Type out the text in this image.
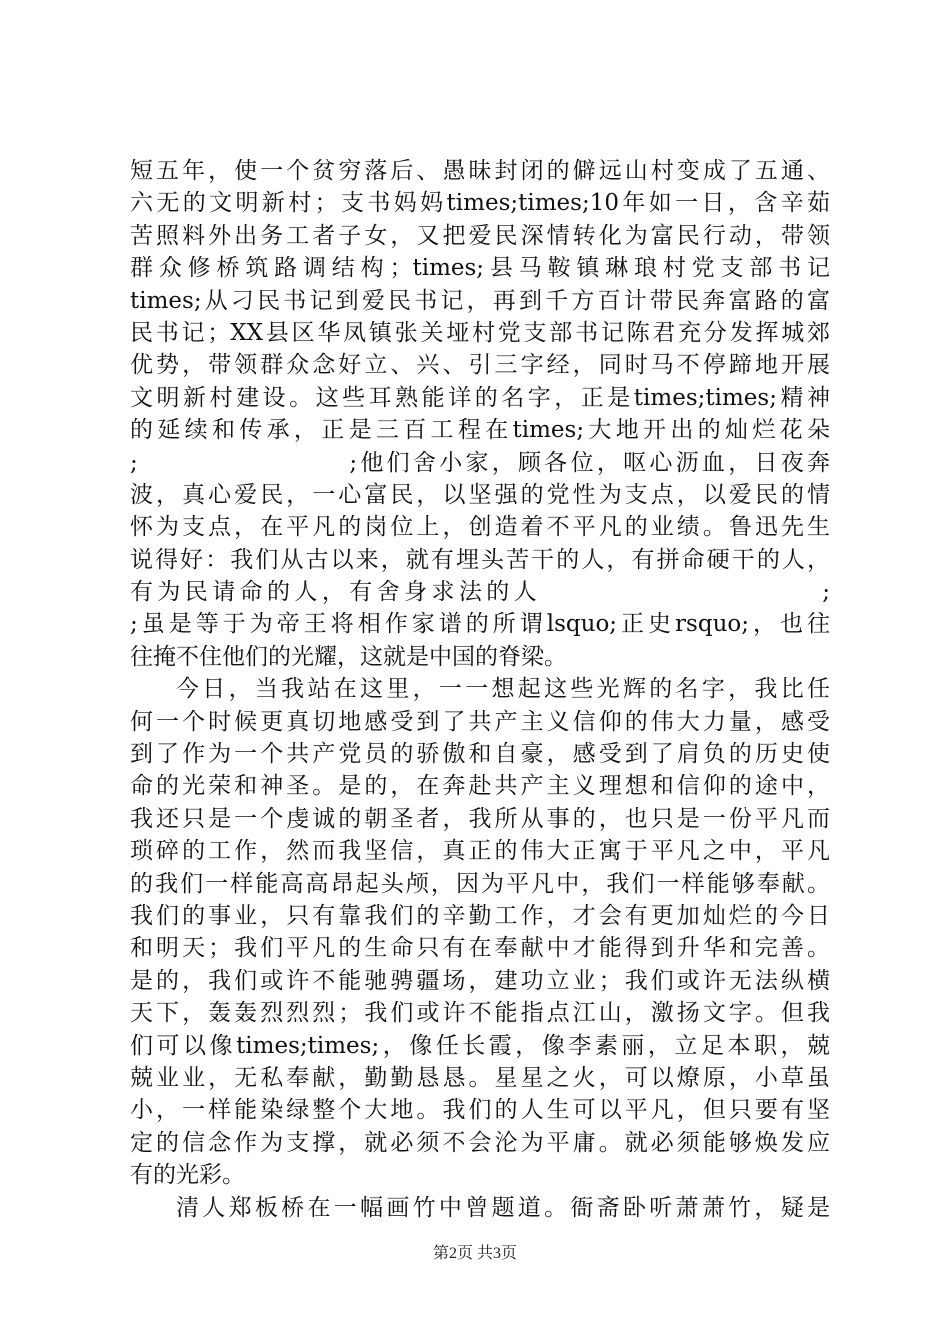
短五年，使一个贫穷落后、愚昧封闭的僻远山村变成了五通、
六无的文明新村；支书妈妈times;times;10年如一日，含辛茹
苦照料外出务工者子女，又把爱民深情转化为富民行动，带领
群众修桥筑路调结构；times;县马鞍镇琳琅村党支部书记
times;从刁民书记到爱民书记，再到千方百计带民奔富路的富
民书记；XX县区华凤镇张关垭村党支部书记陈君充分发挥城郊
优势，带领群众念好立、兴、引三字经，同时马不停蹄地开展
文明新村建设。这些耳熟能详的名字，正是times;times;精神
的延续和传承，正是三百工程在times;大地开出的灿烂花朵
;                    ;他们舍小家，顾各位，呕心沥血，日夜奔
波，真心爱民，一心富民，以坚强的党性为支点，以爱民的情
怀为支点，在平凡的岗位上，创造着不平凡的业绩。鲁迅先生
说得好：我们从古以来，就有埋头苦干的人，有拼命硬干的人，
有为民请命的人，有舍身求法的人                        ;
;虽是等于为帝王将相作家谱的所谓lsquo;正史rsquo;，也往
往掩不住他们的光耀，这就是中国的脊梁。
今日，当我站在这里，一一想起这些光辉的名字，我比任
何一个时候更真切地感受到了共产主义信仰的伟大力量，感受
到了作为一个共产党员的骄傲和自豪，感受到了肩负的历史使
命的光荣和神圣。是的，在奔赴共产主义理想和信仰的途中，
我还只是一个虔诚的朝圣者，我所从事的，也只是一份平凡而
琐碎的工作，然而我坚信，真正的伟大正寓于平凡之中，平凡
的我们一样能高高昂起头颅，因为平凡中，我们一样能够奉献。
我们的事业，只有靠我们的辛勤工作，才会有更加灿烂的今日
和明天；我们平凡的生命只有在奉献中才能得到升华和完善。
是的，我们或许不能驰骋疆场，建功立业；我们或许无法纵横
天下，轰轰烈烈烈；我们或许不能指点江山，激扬文字。但我
们可以像times;times;，像任长霞，像李素丽，立足本职，兢
兢业业，无私奉献，勤勤恳恳。星星之火，可以燎原，小草虽
小，一样能染绿整个大地。我们的人生可以平凡，但只要有坚
定的信念作为支撑，就必须不会沦为平庸。就必须能够焕发应
有的光彩。
清人郑板桥在一幅画竹中曾题道。衙斋卧听萧萧竹，疑是
第2页 共3页
